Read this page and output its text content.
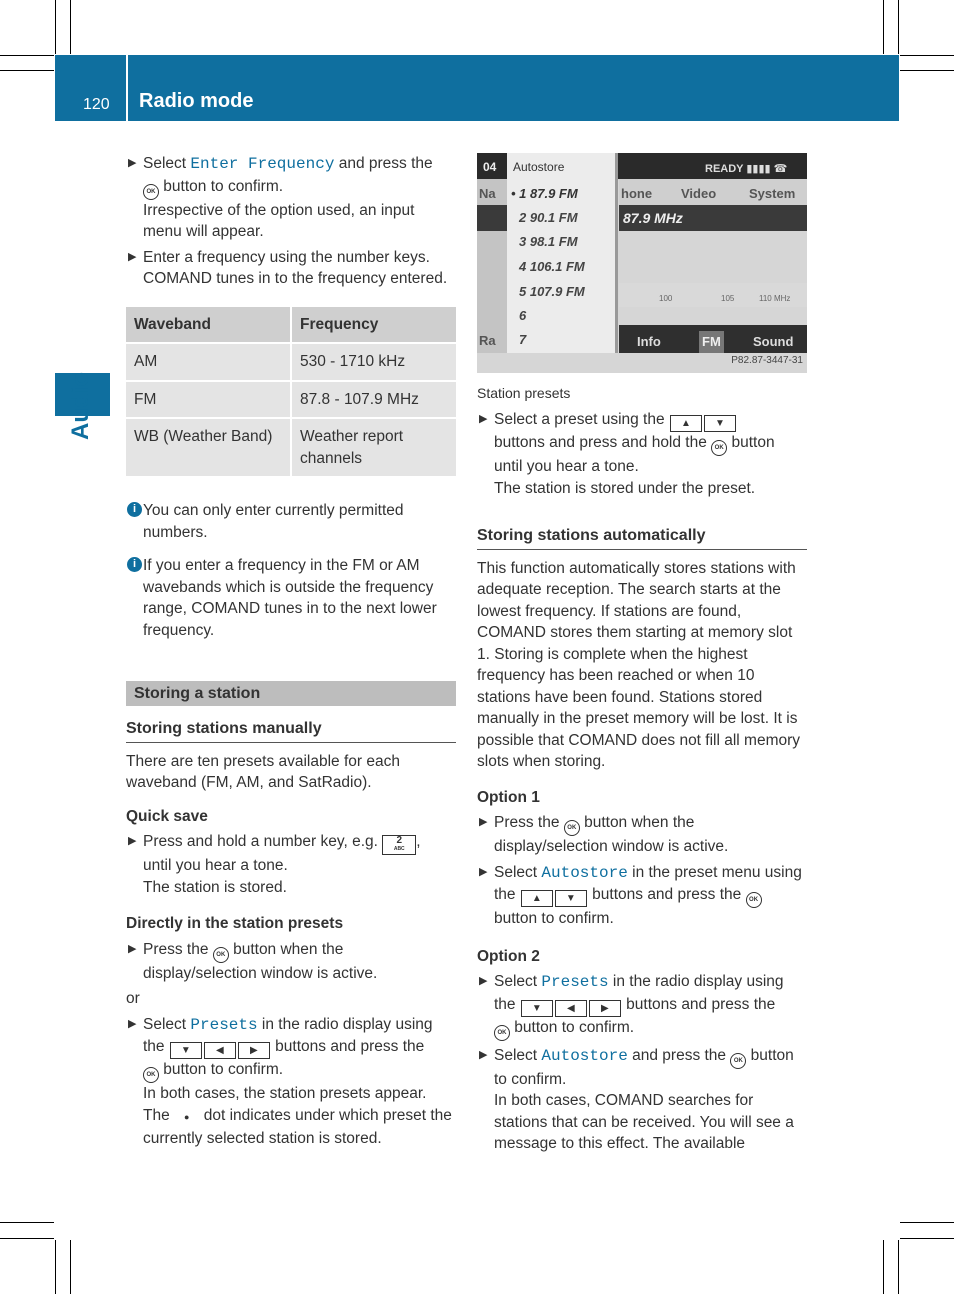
120 Radio mode
Audio
▶ Select Enter Frequency and press the
OK button to confirm.

Irrespective of the option used, an input menu will appear.

▶ Enter a frequency using the number keys.

COMAND tunes in to the frequency entered.

Waveband	Frequency
AM	530 - 1710 kHz
FM	87.8 - 107.9 MHz
WB (Weather Band)	Weather report channels
i You can only enter currently permitted numbers.

i If you enter a frequency in the FM or AM wavebands which is outside the frequency range, COMAND tunes in to the next lower frequency.

Storing a station
Storing stations manually

There are ten presets available for each waveband (FM, AM, and SatRadio).

Quick save
▶ Press and hold a number key, e.g. 2
ABC ,

until you hear a tone.

The station is stored.

Directly in the station presets
▶ Press the OK button when the display/selection window is active.

or

▶ Select Presets in the radio display using the ▼	◀	▶ buttons and press the
OK button to confirm.

In both cases, the station presets appear.

The ● dot indicates under which preset the currently selected station is stored.

04	READY ▮▮▮▮ ☎
Na
Ra
hone Video	System
87.9 MHz
100	105	110 MHz
Info	FM Sound
Autostore
• 1 87.9 FM
2 90.1 FM
3 98.1 FM
4 106.1 FM
5 107.9 FM
6
7
P82.87-3447-31
Station presets
▶ Select a preset using the ▲ ▼
buttons and press and hold the OK button until you hear a tone.

The station is stored under the preset.

Storing stations automatically

This function automatically stores stations with adequate reception. The search starts at the lowest frequency. If stations are found, COMAND stores them starting at memory slot 1. Storing is complete when the highest frequency has been reached or when 10 stations have been found. Stations stored manually in the preset memory will be lost. It is possible that COMAND does not fill all memory slots when storing.

Option 1
▶ Press the OK button when the display/selection window is active.

▶ Select Autostore in the preset menu using the ▲ ▼ buttons and press the OK
button to confirm.

Option 2
▶ Select Presets in the radio display using the ▼	◀	▶ buttons and press the
OK button to confirm.

▶ Select Autostore and press the OK button to confirm.

In both cases, COMAND searches for stations that can be received. You will see a message to this effect. The available
